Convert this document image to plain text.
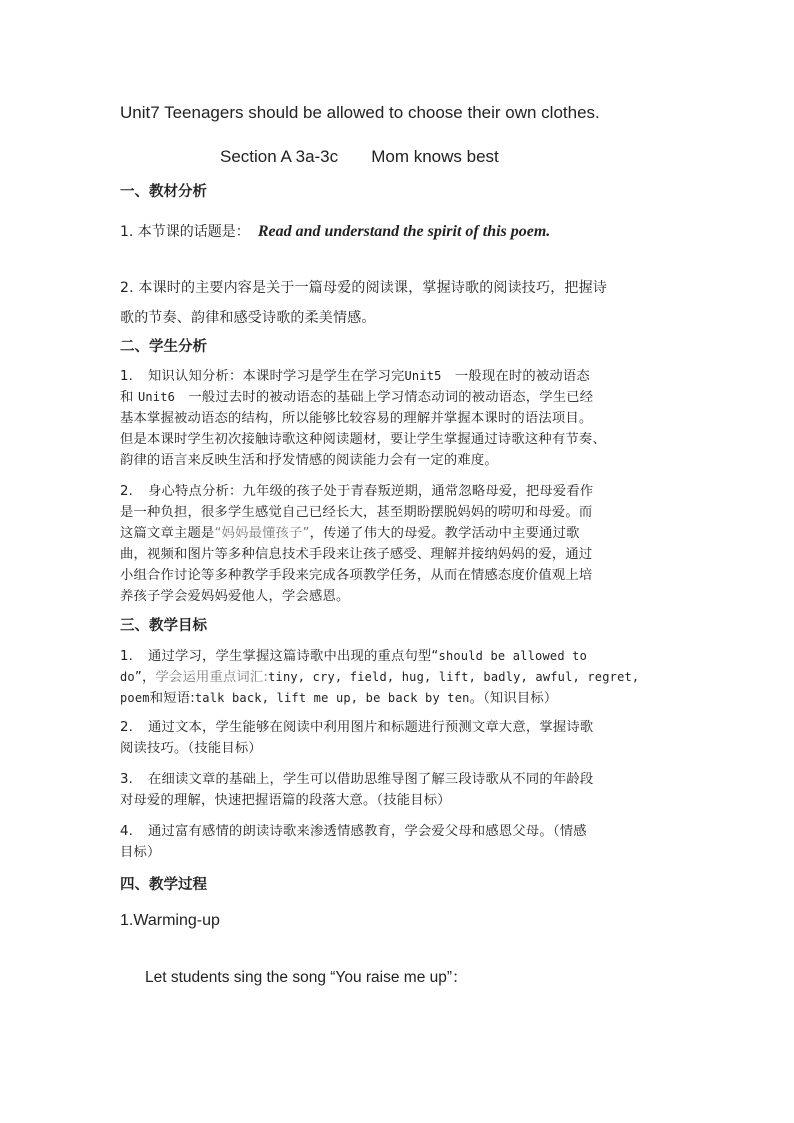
Unit7 Teenagers should be allowed to choose their own clothes.
Section A 3a-3c       Mom knows best
一、教材分析
1. 本节课的话题是： Read and understand the spirit of this poem.
2. 本课时的主要内容是关于一篇母爱的阅读课，掌握诗歌的阅读技巧，把握诗
歌的节奏、韵律和感受诗歌的柔美情感。
二、学生分析
1. 知识认知分析：本课时学习是学生在学习完Unit5 一般现在时的被动语态
和 Unit6 一般过去时的被动语态的基础上学习情态动词的被动语态，学生已经
基本掌握被动语态的结构，所以能够比较容易的理解并掌握本课时的语法项目。
但是本课时学生初次接触诗歌这种阅读题材，要让学生掌握通过诗歌这种有节奏、
韵律的语言来反映生活和抒发情感的阅读能力会有一定的难度。
2. 身心特点分析：九年级的孩子处于青春叛逆期，通常忽略母爱，把母爱看作
是一种负担，很多学生感觉自己已经长大，甚至期盼摆脱妈妈的唠叨和母爱。而
这篇文章主题是“妈妈最懂孩子”，传递了伟大的母爱。教学活动中主要通过歌
曲，视频和图片等多种信息技术手段来让孩子感受、理解并接纳妈妈的爱，通过
小组合作讨论等多种教学手段来完成各项教学任务，从而在情感态度价值观上培
养孩子学会爱妈妈爱他人，学会感恩。
三、教学目标
1. 通过学习，学生掌握这篇诗歌中出现的重点句型“should be allowed to
do”，学会运用重点词汇:tiny, cry, field, hug, lift, badly, awful, regret,
poem和短语:talk back, lift me up, be back by ten。（知识目标）
2. 通过文本，学生能够在阅读中利用图片和标题进行预测文章大意，掌握诗歌
阅读技巧。（技能目标）
3. 在细读文章的基础上，学生可以借助思维导图了解三段诗歌从不同的年龄段
对母爱的理解，快速把握语篇的段落大意。（技能目标）
4. 通过富有感情的朗读诗歌来渗透情感教育，学会爱父母和感恩父母。（情感
目标）
四、教学过程
1.Warming-up
Let students sing the song “You raise me up”：
